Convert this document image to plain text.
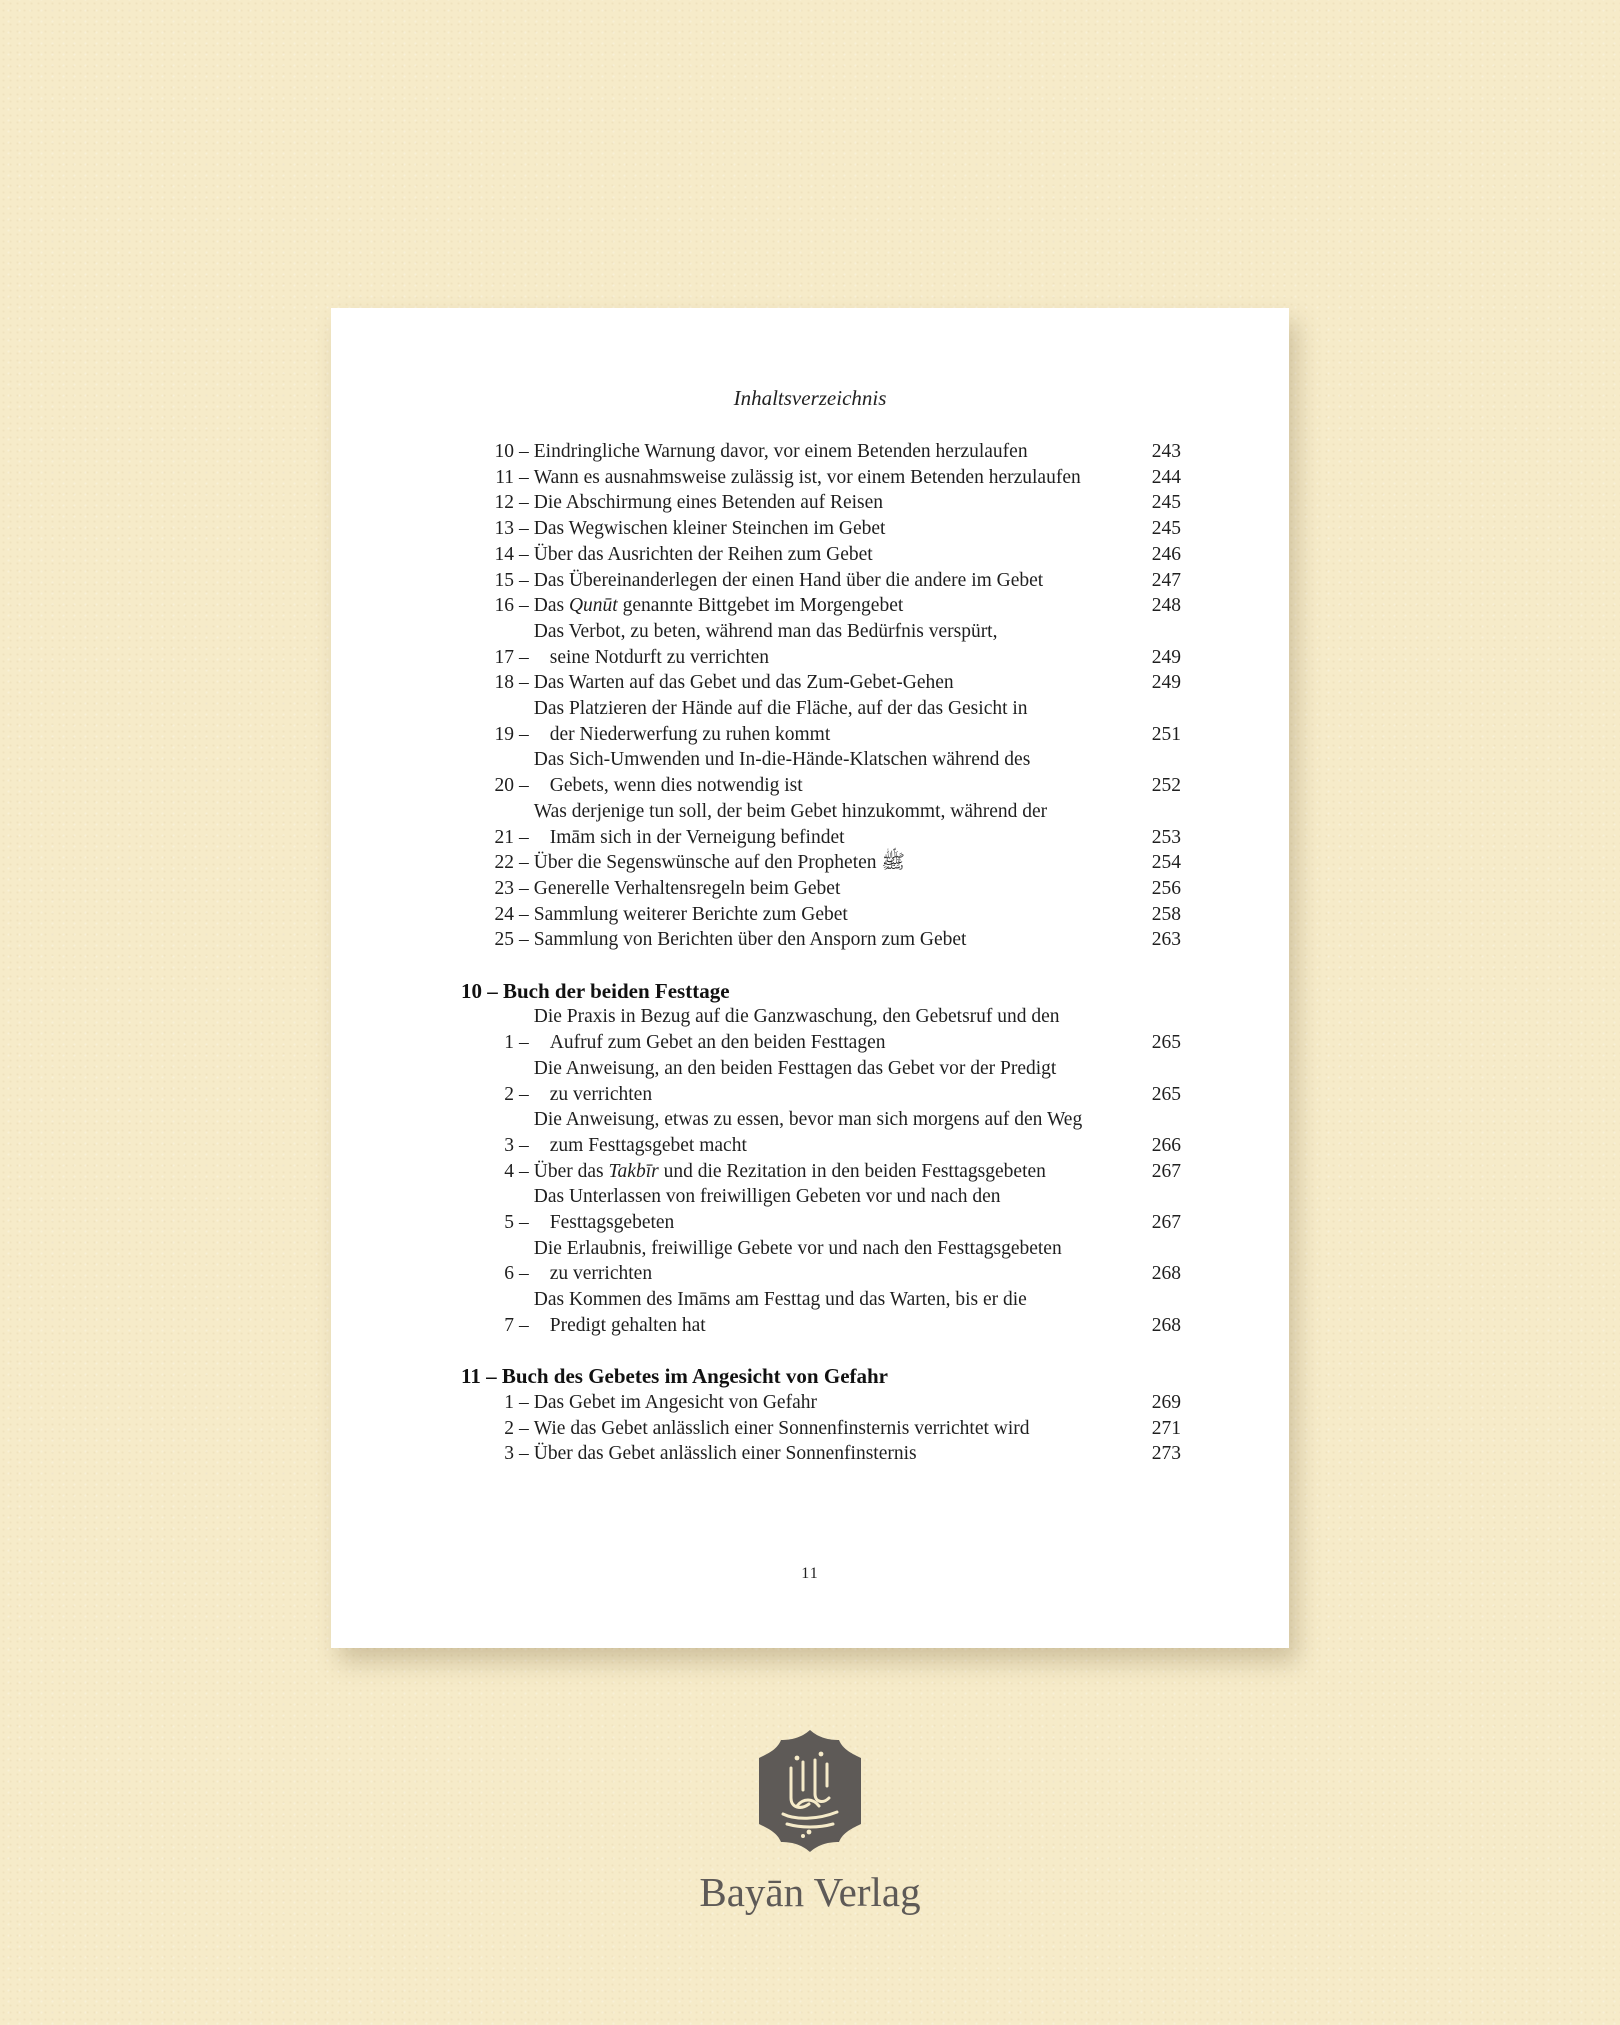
Inhaltsverzeichnis
10 – Eindringliche Warnung davor, vor einem Betenden herzulaufen	243
11 – Wann es ausnahmsweise zulässig ist, vor einem Betenden herzulaufen	244
12 – Die Abschirmung eines Betenden auf Reisen	245
13 – Das Wegwischen kleiner Steinchen im Gebet	245
14 – Über das Ausrichten der Reihen zum Gebet	246
15 – Das Übereinanderlegen der einen Hand über die andere im Gebet	247
16 – Das Qunūt genannte Bittgebet im Morgengebet	248
17 –
Das Verbot, zu beten, während man das Bedürfnis verspürt,
seine Notdurft zu verrichten	249
18 – Das Warten auf das Gebet und das Zum-Gebet-Gehen	249
19 –
Das Platzieren der Hände auf die Fläche, auf der das Gesicht in
der Niederwerfung zu ruhen kommt	251
20 –
Das Sich-Umwenden und In-die-Hände-Klatschen während des
Gebets, wenn dies notwendig ist	252
21 –
Was derjenige tun soll, der beim Gebet hinzukommt, während der
Imām sich in der Verneigung befindet	253
22 – Über die Segenswünsche auf den Propheten ﷺ	254
23 – Generelle Verhaltensregeln beim Gebet	256
24 – Sammlung weiterer Berichte zum Gebet	258
25 – Sammlung von Berichten über den Ansporn zum Gebet	263
10 – Buch der beiden Festtage
1 –
Die Praxis in Bezug auf die Ganzwaschung, den Gebetsruf und den
Aufruf zum Gebet an den beiden Festtagen	265
2 –
Die Anweisung, an den beiden Festtagen das Gebet vor der Predigt
zu verrichten	265
3 –
Die Anweisung, etwas zu essen, bevor man sich morgens auf den Weg
zum Festtagsgebet macht	266
4 – Über das Takbīr und die Rezitation in den beiden Festtagsgebeten	267
5 –
Das Unterlassen von freiwilligen Gebeten vor und nach den
Festtagsgebeten	267
6 –
Die Erlaubnis, freiwillige Gebete vor und nach den Festtagsgebeten
zu verrichten	268
7 –
Das Kommen des Imāms am Festtag und das Warten, bis er die
Predigt gehalten hat	268
11 – Buch des Gebetes im Angesicht von Gefahr
1 – Das Gebet im Angesicht von Gefahr	269
2 – Wie das Gebet anlässlich einer Sonnenfinsternis verrichtet wird	271
3 – Über das Gebet anlässlich einer Sonnenfinsternis	273
11
Bayān Verlag
